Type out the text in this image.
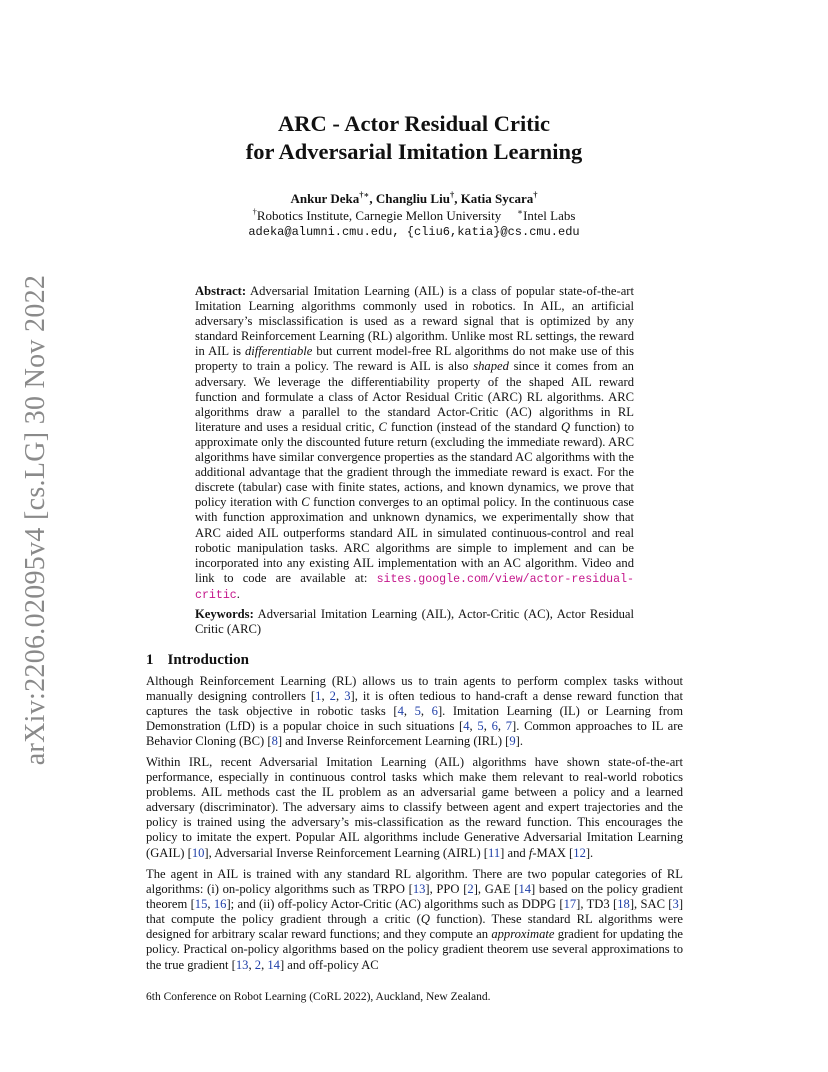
arXiv:2206.02095v4 [cs.LG] 30 Nov 2022
ARC - Actor Residual Critic
for Adversarial Imitation Learning
Ankur Deka†∗, Changliu Liu†, Katia Sycara†
†Robotics Institute, Carnegie Mellon University ∗Intel Labs
adeka@alumni.cmu.edu, {cliu6,katia}@cs.cmu.edu
Abstract: Adversarial Imitation Learning (AIL) is a class of popular state-of-the-art Imitation Learning algorithms commonly used in robotics. In AIL, an artificial adversary’s misclassification is used as a reward signal that is optimized by any standard Reinforcement Learning (RL) algorithm. Unlike most RL settings, the reward in AIL is differentiable but current model-free RL algorithms do not make use of this property to train a policy. The reward is AIL is also shaped since it comes from an adversary. We leverage the differentiability property of the shaped AIL reward function and formulate a class of Actor Residual Critic (ARC) RL algorithms. ARC algorithms draw a parallel to the standard Actor-Critic (AC) algorithms in RL literature and uses a residual critic, C function (instead of the standard Q function) to approximate only the discounted future return (excluding the immediate reward). ARC algorithms have similar convergence properties as the standard AC algorithms with the additional advantage that the gradient through the immediate reward is exact. For the discrete (tabular) case with finite states, actions, and known dynamics, we prove that policy iteration with C function converges to an optimal policy. In the continuous case with function approximation and unknown dynamics, we experimentally show that ARC aided AIL outperforms standard AIL in simulated continuous-control and real robotic manipulation tasks. ARC algorithms are simple to implement and can be incorporated into any existing AIL implementation with an AC algorithm. Video and link to code are available at: sites.google.com/view/actor-residual-critic.
Keywords: Adversarial Imitation Learning (AIL), Actor-Critic (AC), Actor Residual Critic (ARC)
1 Introduction
Although Reinforcement Learning (RL) allows us to train agents to perform complex tasks without manually designing controllers [1, 2, 3], it is often tedious to hand-craft a dense reward function that captures the task objective in robotic tasks [4, 5, 6]. Imitation Learning (IL) or Learning from Demonstration (LfD) is a popular choice in such situations [4, 5, 6, 7]. Common approaches to IL are Behavior Cloning (BC) [8] and Inverse Reinforcement Learning (IRL) [9].
Within IRL, recent Adversarial Imitation Learning (AIL) algorithms have shown state-of-the-art performance, especially in continuous control tasks which make them relevant to real-world robotics problems. AIL methods cast the IL problem as an adversarial game between a policy and a learned adversary (discriminator). The adversary aims to classify between agent and expert trajectories and the policy is trained using the adversary’s mis-classification as the reward function. This encourages the policy to imitate the expert. Popular AIL algorithms include Generative Adversarial Imitation Learning (GAIL) [10], Adversarial Inverse Reinforcement Learning (AIRL) [11] and f-MAX [12].
The agent in AIL is trained with any standard RL algorithm. There are two popular categories of RL algorithms: (i) on-policy algorithms such as TRPO [13], PPO [2], GAE [14] based on the policy gradient theorem [15, 16]; and (ii) off-policy Actor-Critic (AC) algorithms such as DDPG [17], TD3 [18], SAC [3] that compute the policy gradient through a critic (Q function). These standard RL algorithms were designed for arbitrary scalar reward functions; and they compute an approximate gradient for updating the policy. Practical on-policy algorithms based on the policy gradient theorem use several approximations to the true gradient [13, 2, 14] and off-policy AC
6th Conference on Robot Learning (CoRL 2022), Auckland, New Zealand.
